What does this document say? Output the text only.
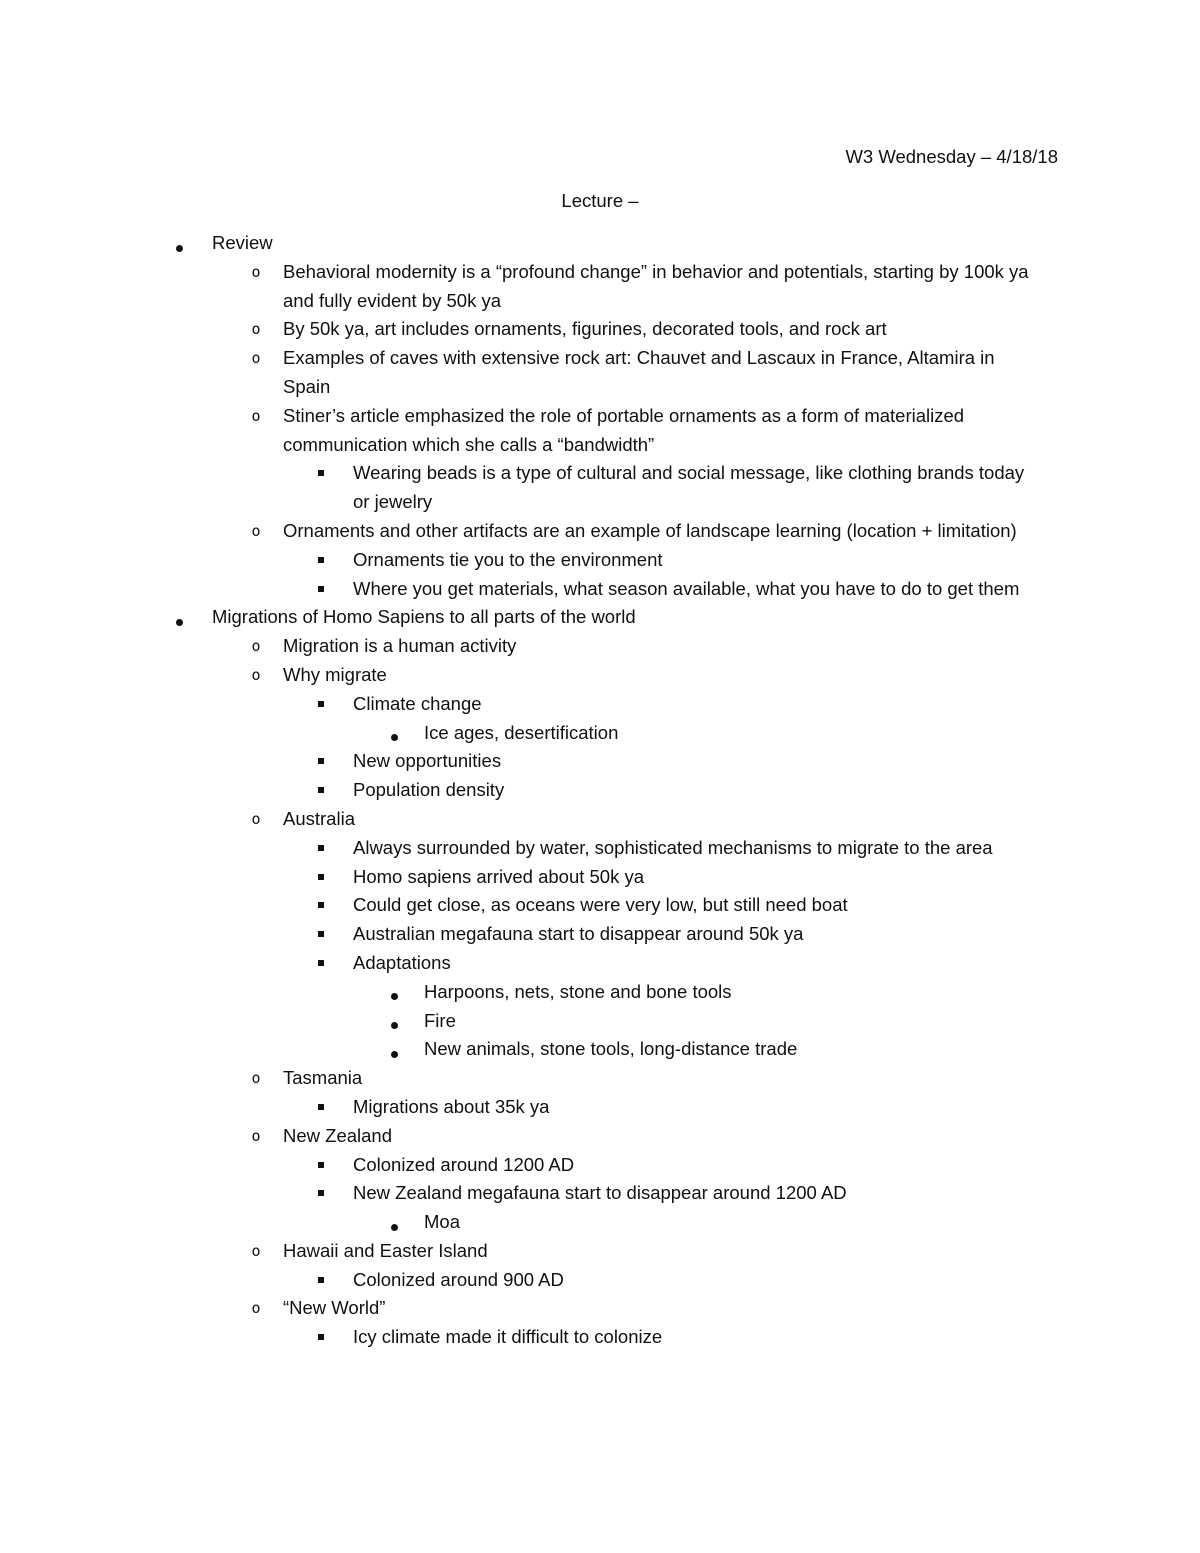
W3 Wednesday – 4/18/18
Lecture –
Review
o
Behavioral modernity is a “profound change” in behavior and potentials, starting by 100k ya and fully evident by 50k ya
o
By 50k ya, art includes ornaments, figurines, decorated tools, and rock art
o
Examples of caves with extensive rock art: Chauvet and Lascaux in France, Altamira in Spain
o
Stiner’s article emphasized the role of portable ornaments as a form of materialized communication which she calls a “bandwidth”
Wearing beads is a type of cultural and social message, like clothing brands today or jewelry
o
Ornaments and other artifacts are an example of landscape learning (location + limitation)
Ornaments tie you to the environment
Where you get materials, what season available, what you have to do to get them
Migrations of Homo Sapiens to all parts of the world
o
Migration is a human activity
o
Why migrate
Climate change
Ice ages, desertification
New opportunities
Population density
o
Australia
Always surrounded by water, sophisticated mechanisms to migrate to the area
Homo sapiens arrived about 50k ya
Could get close, as oceans were very low, but still need boat
Australian megafauna start to disappear around 50k ya
Adaptations
Harpoons, nets, stone and bone tools
Fire
New animals, stone tools, long-distance trade
o
Tasmania
Migrations about 35k ya
o
New Zealand
Colonized around 1200 AD
New Zealand megafauna start to disappear around 1200 AD
Moa
o
Hawaii and Easter Island
Colonized around 900 AD
o
“New World”
Icy climate made it difficult to colonize
